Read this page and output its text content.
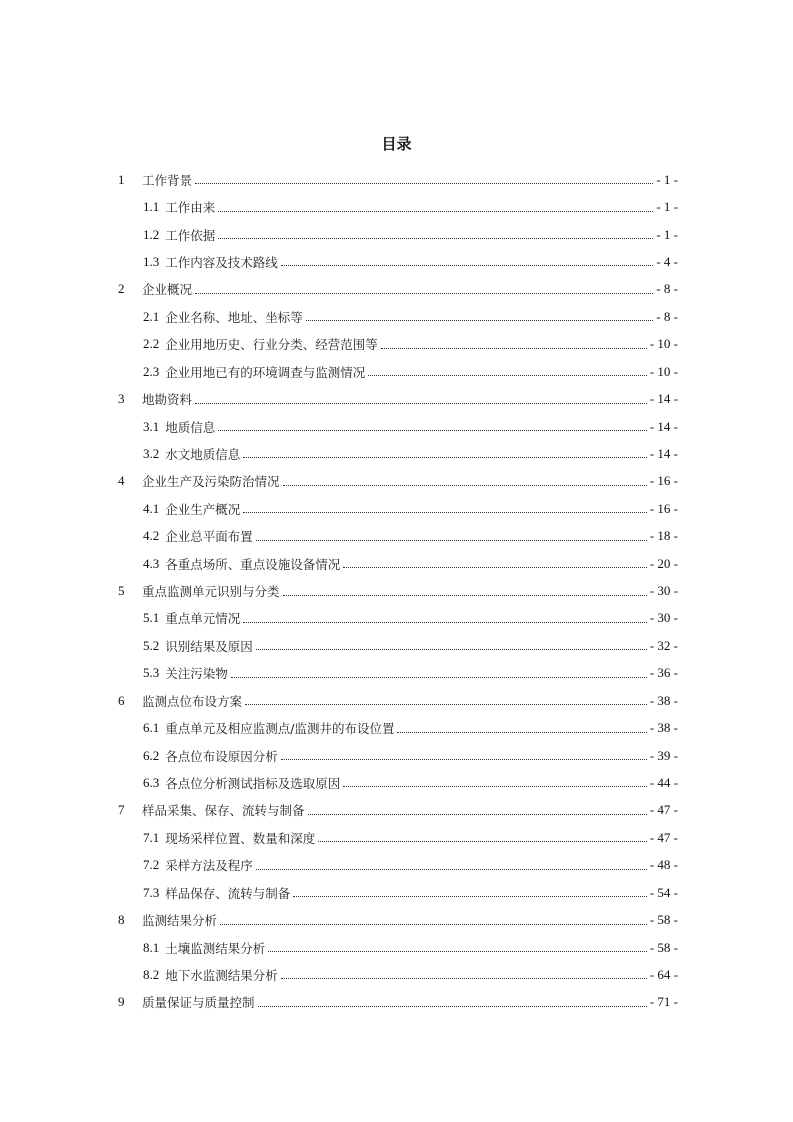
目录
1	工作背景	- 1 -
1.1 工作由来	- 1 -
1.2 工作依据	- 1 -
1.3 工作内容及技术路线	- 4 -
2	企业概况	- 8 -
2.1 企业名称、地址、坐标等	- 8 -
2.2 企业用地历史、行业分类、经营范围等	- 10 -
2.3 企业用地已有的环境调查与监测情况	- 10 -
3	地勘资料	- 14 -
3.1 地质信息	- 14 -
3.2 水文地质信息	- 14 -
4	企业生产及污染防治情况	- 16 -
4.1 企业生产概况	- 16 -
4.2 企业总平面布置	- 18 -
4.3 各重点场所、重点设施设备情况	- 20 -
5	重点监测单元识别与分类	- 30 -
5.1 重点单元情况	- 30 -
5.2 识别结果及原因	- 32 -
5.3 关注污染物	- 36 -
6	监测点位布设方案	- 38 -
6.1 重点单元及相应监测点/监测井的布设位置	- 38 -
6.2 各点位布设原因分析	- 39 -
6.3 各点位分析测试指标及选取原因	- 44 -
7	样品采集、保存、流转与制备	- 47 -
7.1 现场采样位置、数量和深度	- 47 -
7.2 采样方法及程序	- 48 -
7.3 样品保存、流转与制备	- 54 -
8	监测结果分析	- 58 -
8.1 土壤监测结果分析	- 58 -
8.2 地下水监测结果分析	- 64 -
9	质量保证与质量控制	- 71 -
